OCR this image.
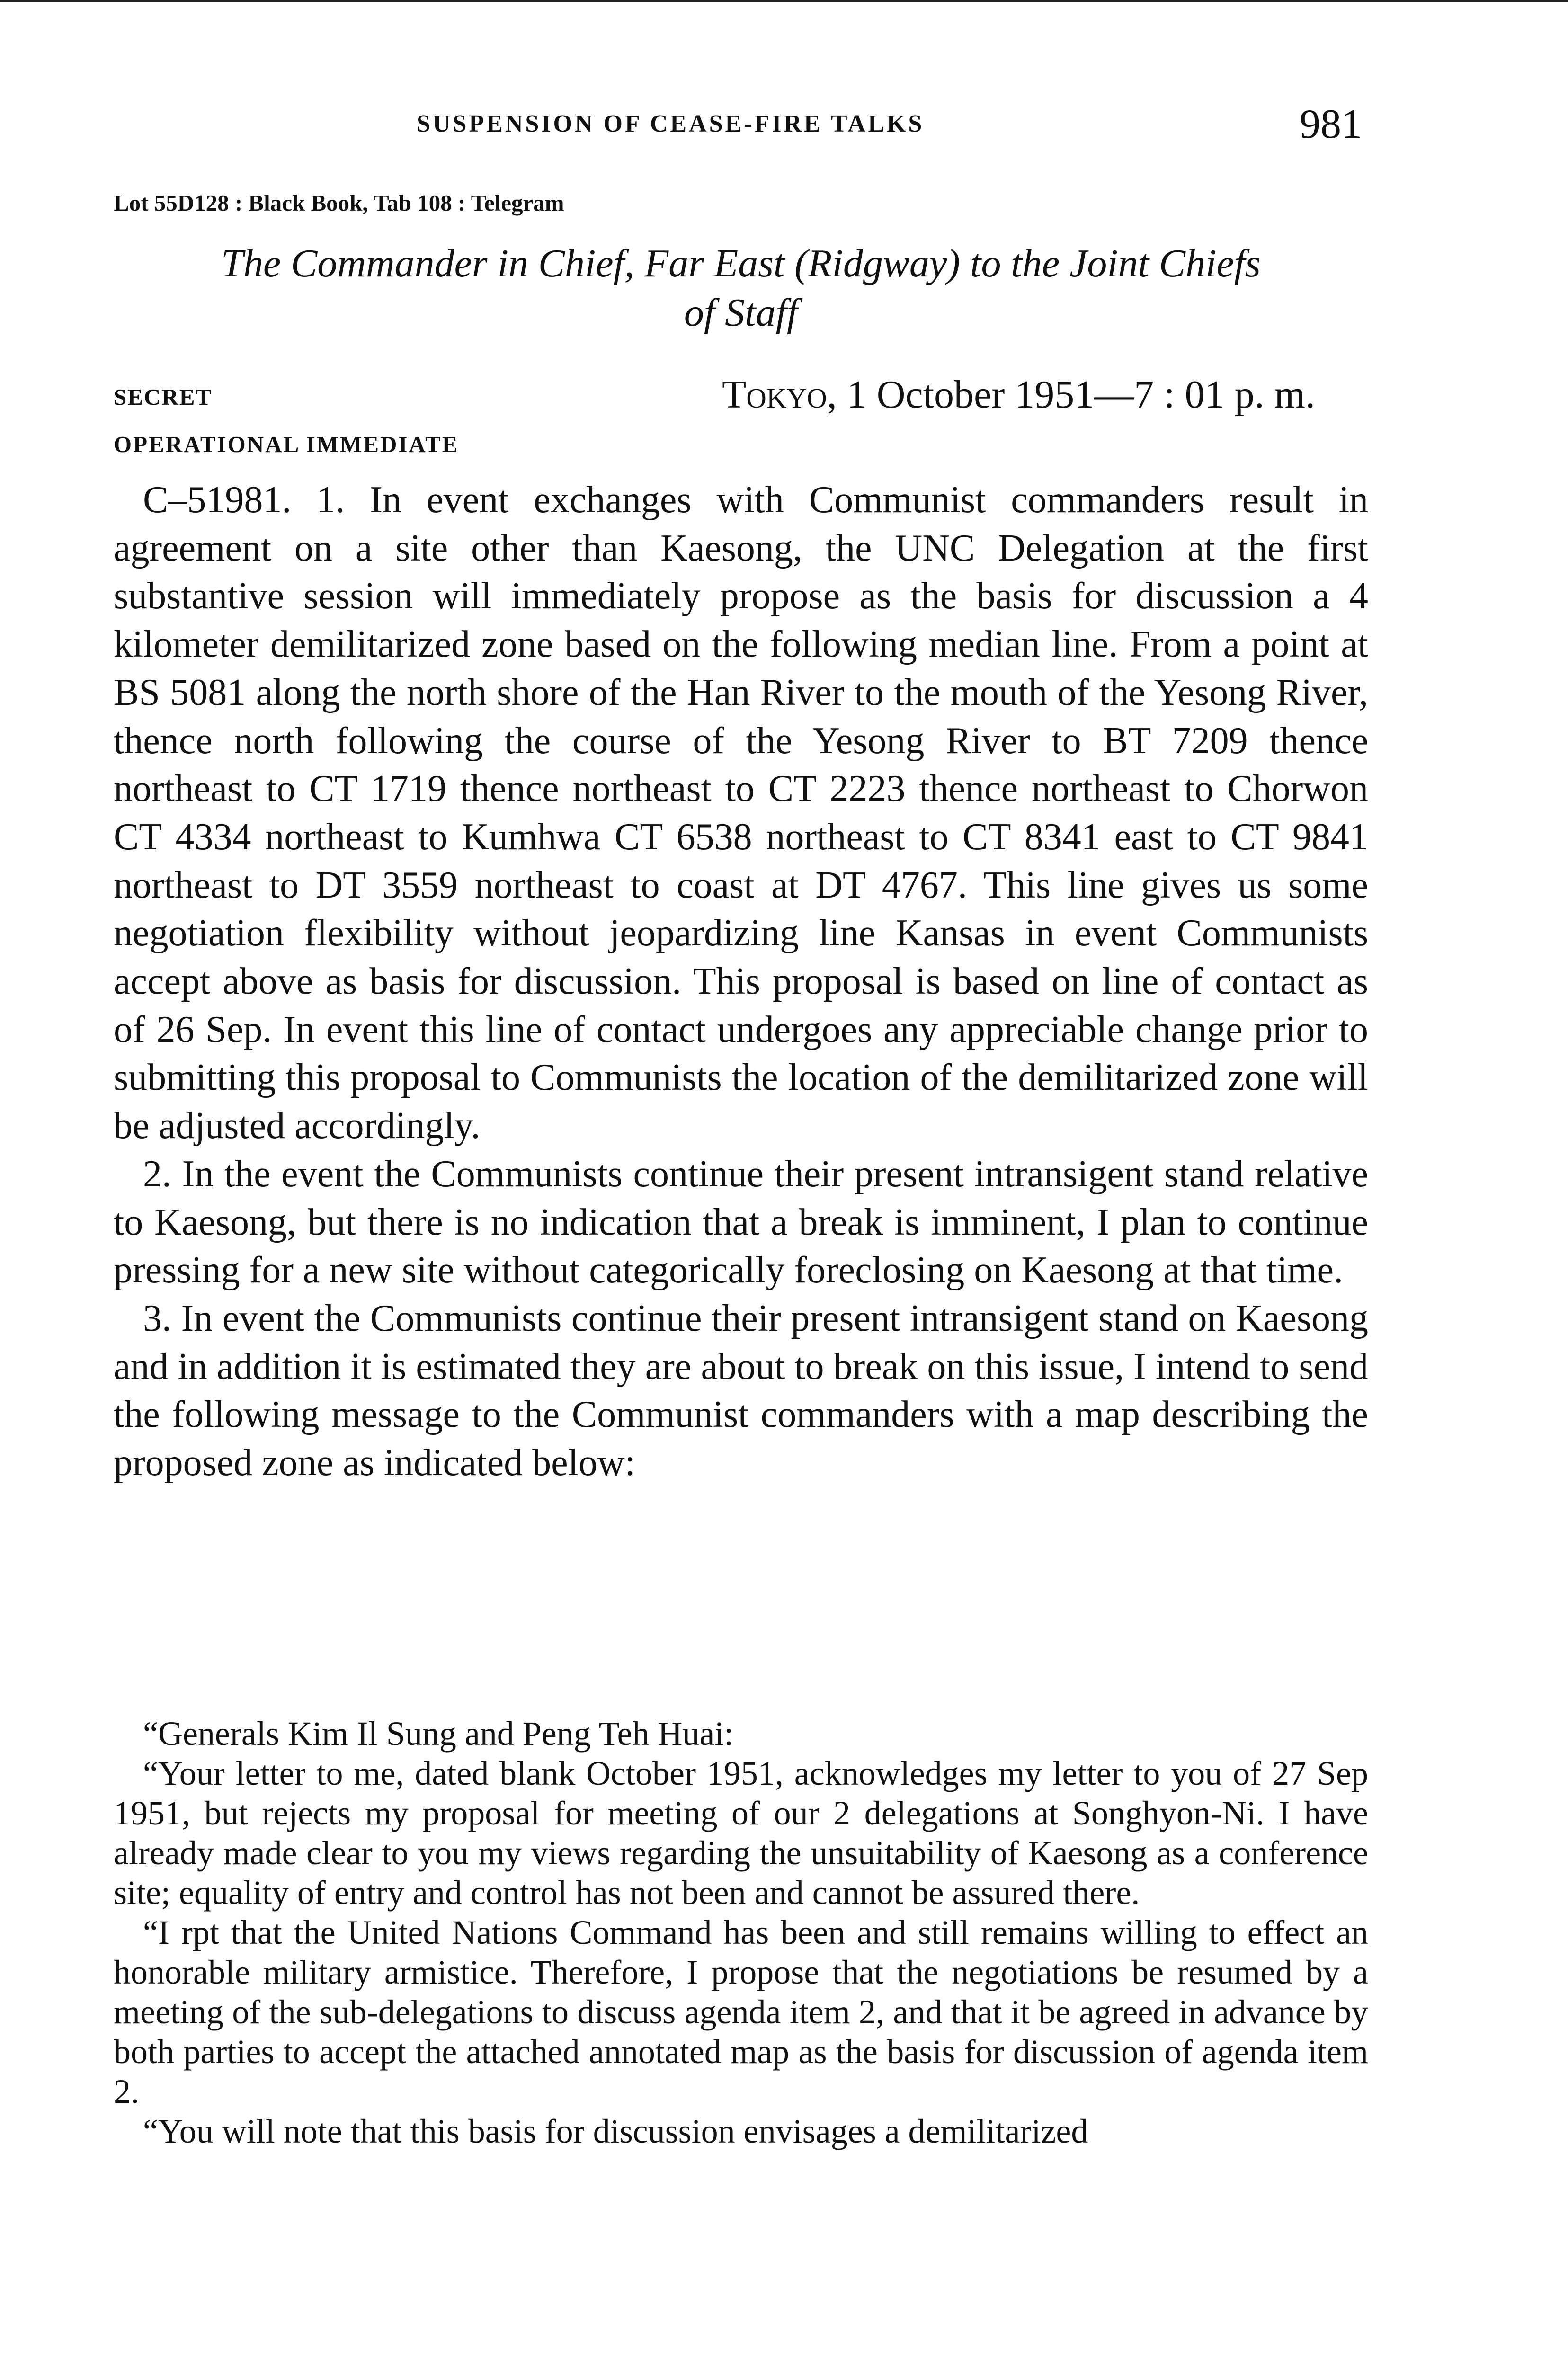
SUSPENSION OF CEASE-FIRE TALKS	981
Lot 55D128 : Black Book, Tab 108 : Telegram
The Commander in Chief, Far East (Ridgway) to the Joint Chiefs
of Staff
SECRET	Tokyo, 1 October 1951—7 : 01 p. m.
OPERATIONAL IMMEDIATE

C–51981. 1. In event exchanges with Communist commanders result in agreement on a site other than Kaesong, the UNC Delegation at the first substantive session will immediately propose as the basis for discussion a 4 kilometer demilitarized zone based on the following median line. From a point at BS 5081 along the north shore of the Han River to the mouth of the Yesong River, thence north following the course of the Yesong River to BT 7209 thence northeast to CT 1719 thence northeast to CT 2223 thence northeast to Chorwon CT 4334 northeast to Kumhwa CT 6538 northeast to CT 8341 east to CT 9841 northeast to DT 3559 northeast to coast at DT 4767. This line gives us some negotiation flexibility without jeopardizing line Kansas in event Communists accept above as basis for discussion. This proposal is based on line of contact as of 26 Sep. In event this line of contact undergoes any appreciable change prior to submitting this proposal to Communists the location of the demilitarized zone will be adjusted accordingly.

2. In the event the Communists continue their present intransigent stand relative to Kaesong, but there is no indication that a break is imminent, I plan to continue pressing for a new site without categorically foreclosing on Kaesong at that time.

3. In event the Communists continue their present intransigent stand on Kaesong and in addition it is estimated they are about to break on this issue, I intend to send the following message to the Communist commanders with a map describing the proposed zone as indicated below:

“Generals Kim Il Sung and Peng Teh Huai:

“Your letter to me, dated blank October 1951, acknowledges my letter to you of 27 Sep 1951, but rejects my proposal for meeting of our 2 delegations at Songhyon-Ni. I have already made clear to you my views regarding the unsuitability of Kaesong as a conference site; equality of entry and control has not been and cannot be assured there.

“I rpt that the United Nations Command has been and still remains willing to effect an honorable military armistice. Therefore, I propose that the negotiations be resumed by a meeting of the sub-delegations to discuss agenda item 2, and that it be agreed in advance by both parties to accept the attached annotated map as the basis for discussion of agenda item 2.

“You will note that this basis for discussion envisages a demilitarized
